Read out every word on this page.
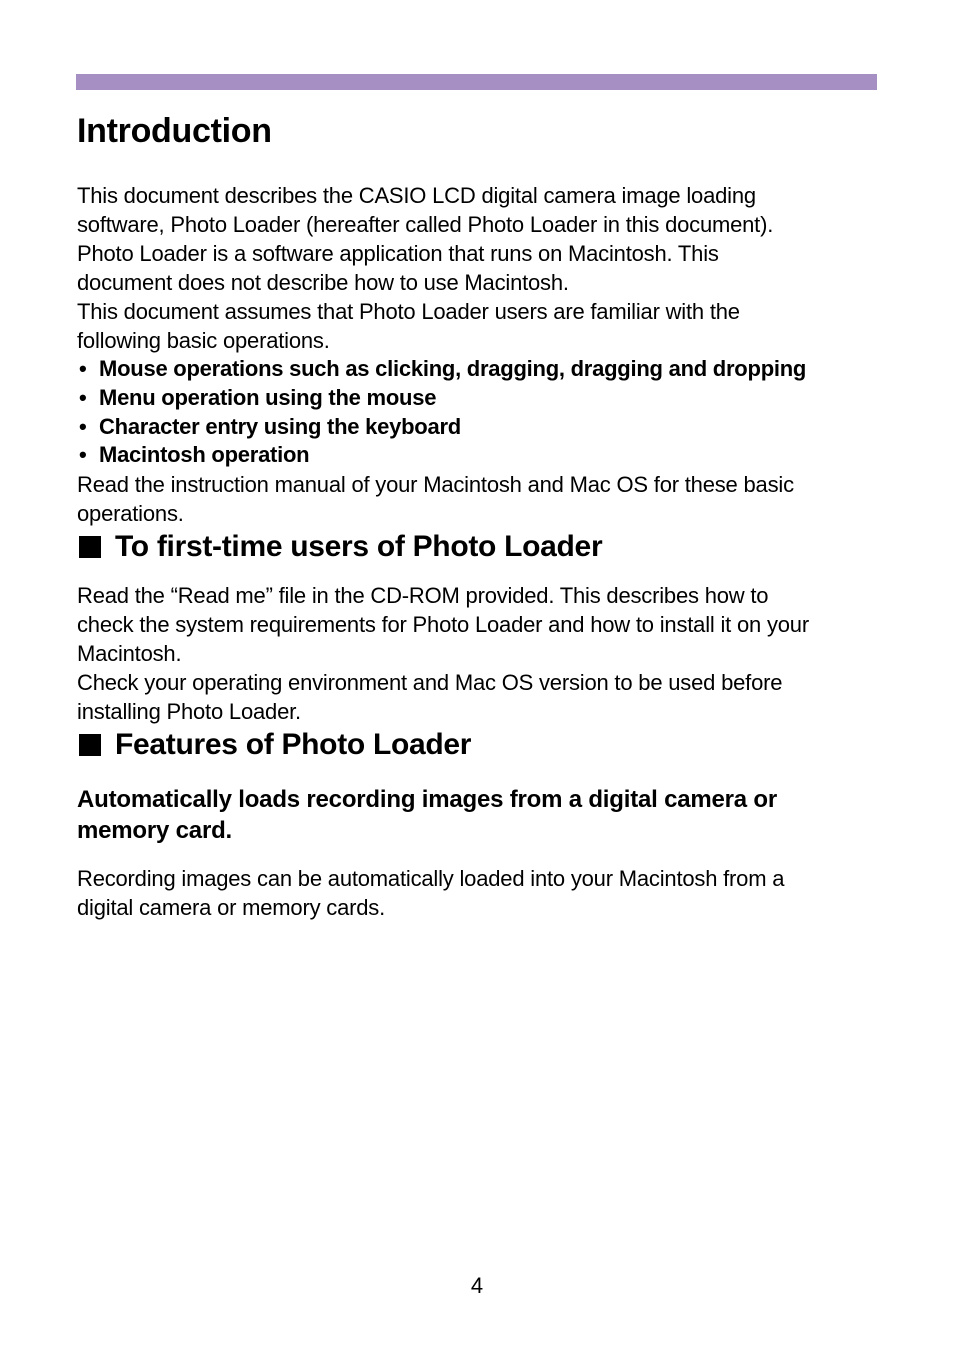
Introduction

This document describes the CASIO LCD digital camera image loading
software, Photo Loader (hereafter called Photo Loader in this document).
Photo Loader is a software application that runs on Macintosh. This
document does not describe how to use Macintosh.
This document assumes that Photo Loader users are familiar with the
following basic operations.

• Mouse operations such as clicking, dragging, dragging and dropping
• Menu operation using the mouse
• Character entry using the keyboard
• Macintosh operation

Read the instruction manual of your Macintosh and Mac OS for these basic
operations.

To first-time users of Photo Loader

Read the “Read me” file in the CD-ROM provided. This describes how to
check the system requirements for Photo Loader and how to install it on your
Macintosh.
Check your operating environment and Mac OS version to be used before
installing Photo Loader.

Features of Photo Loader
Automatically loads recording images from a digital camera or
memory card.

Recording images can be automatically loaded into your Macintosh from a
digital camera or memory cards.

4
